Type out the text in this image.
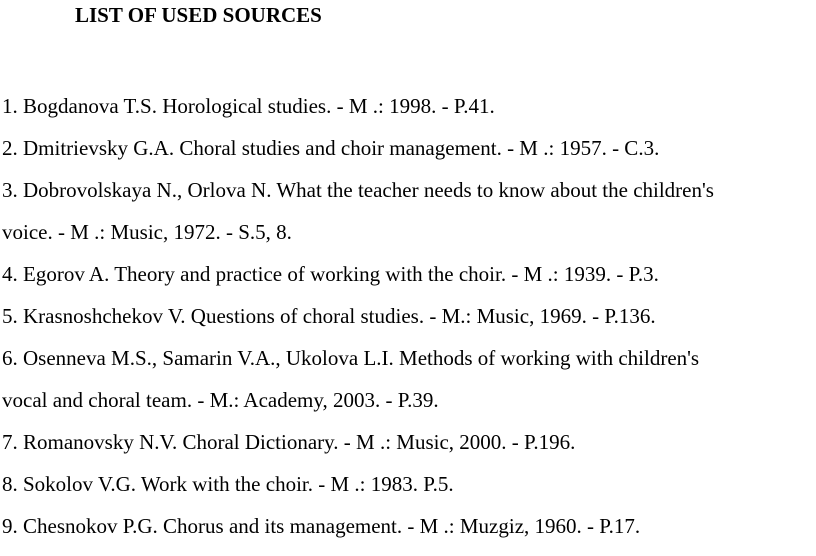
LIST OF USED SOURCES
1. Bogdanova T.S. Horological studies. - M .: 1998. - P.41.
2. Dmitrievsky G.A. Choral studies and choir management. - M .: 1957. - C.3.
3. Dobrovolskaya N., Orlova N. What the teacher needs to know about the children's
voice. - M .: Music, 1972. - S.5, 8.
4. Egorov A. Theory and practice of working with the choir. - M .: 1939. - P.3.
5. Krasnoshchekov V. Questions of choral studies. - M.: Music, 1969. - P.136.
6. Osenneva M.S., Samarin V.A., Ukolova L.I. Methods of working with children's
vocal and choral team. - M.: Academy, 2003. - P.39.
7. Romanovsky N.V. Choral Dictionary. - M .: Music, 2000. - P.196.
8. Sokolov V.G. Work with the choir. - M .: 1983. P.5.
9. Chesnokov P.G. Chorus and its management. - M .: Muzgiz, 1960. - P.17.
